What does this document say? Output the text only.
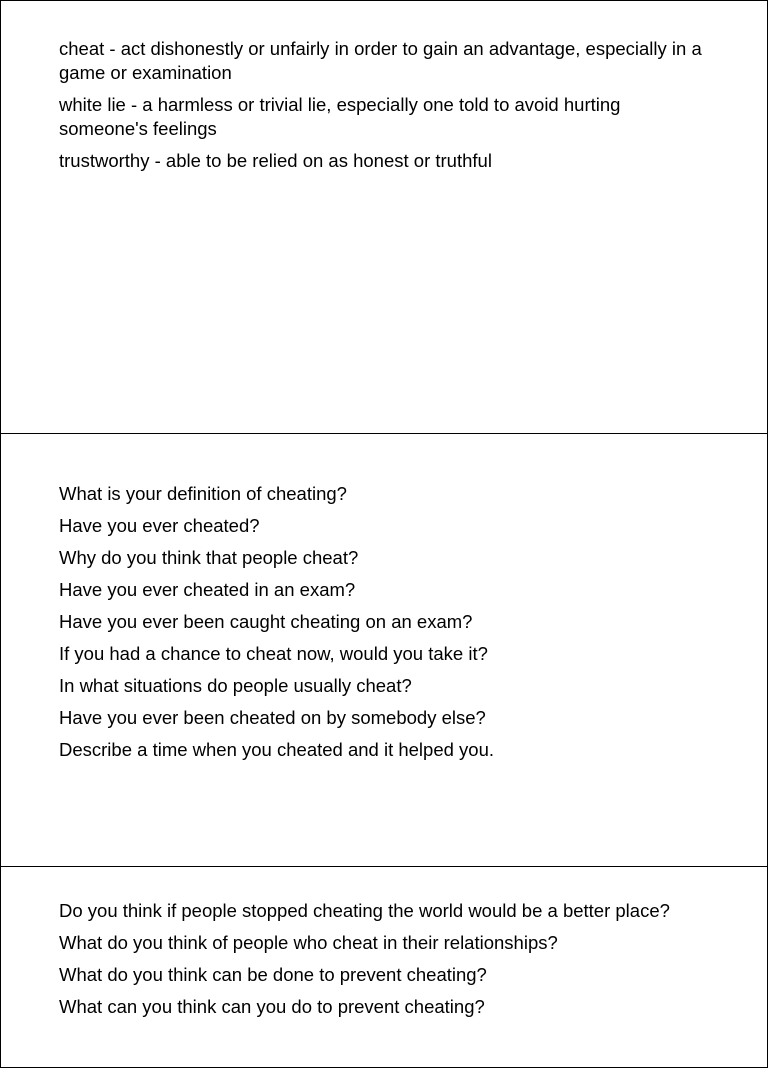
cheat - act dishonestly or unfairly in order to gain an advantage, especially in a game or examination

white lie - a harmless or trivial lie, especially one told to avoid hurting someone's feelings

trustworthy - able to be relied on as honest or truthful

What is your definition of cheating?

Have you ever cheated?

Why do you think that people cheat?

Have you ever cheated in an exam?

Have you ever been caught cheating on an exam?

If you had a chance to cheat now, would you take it?

In what situations do people usually cheat?

Have you ever been cheated on by somebody else?

Describe a time when you cheated and it helped you.

Do you think if people stopped cheating the world would be a better place?

What do you think of people who cheat in their relationships?

What do you think can be done to prevent cheating?

What can you think can you do to prevent cheating?
